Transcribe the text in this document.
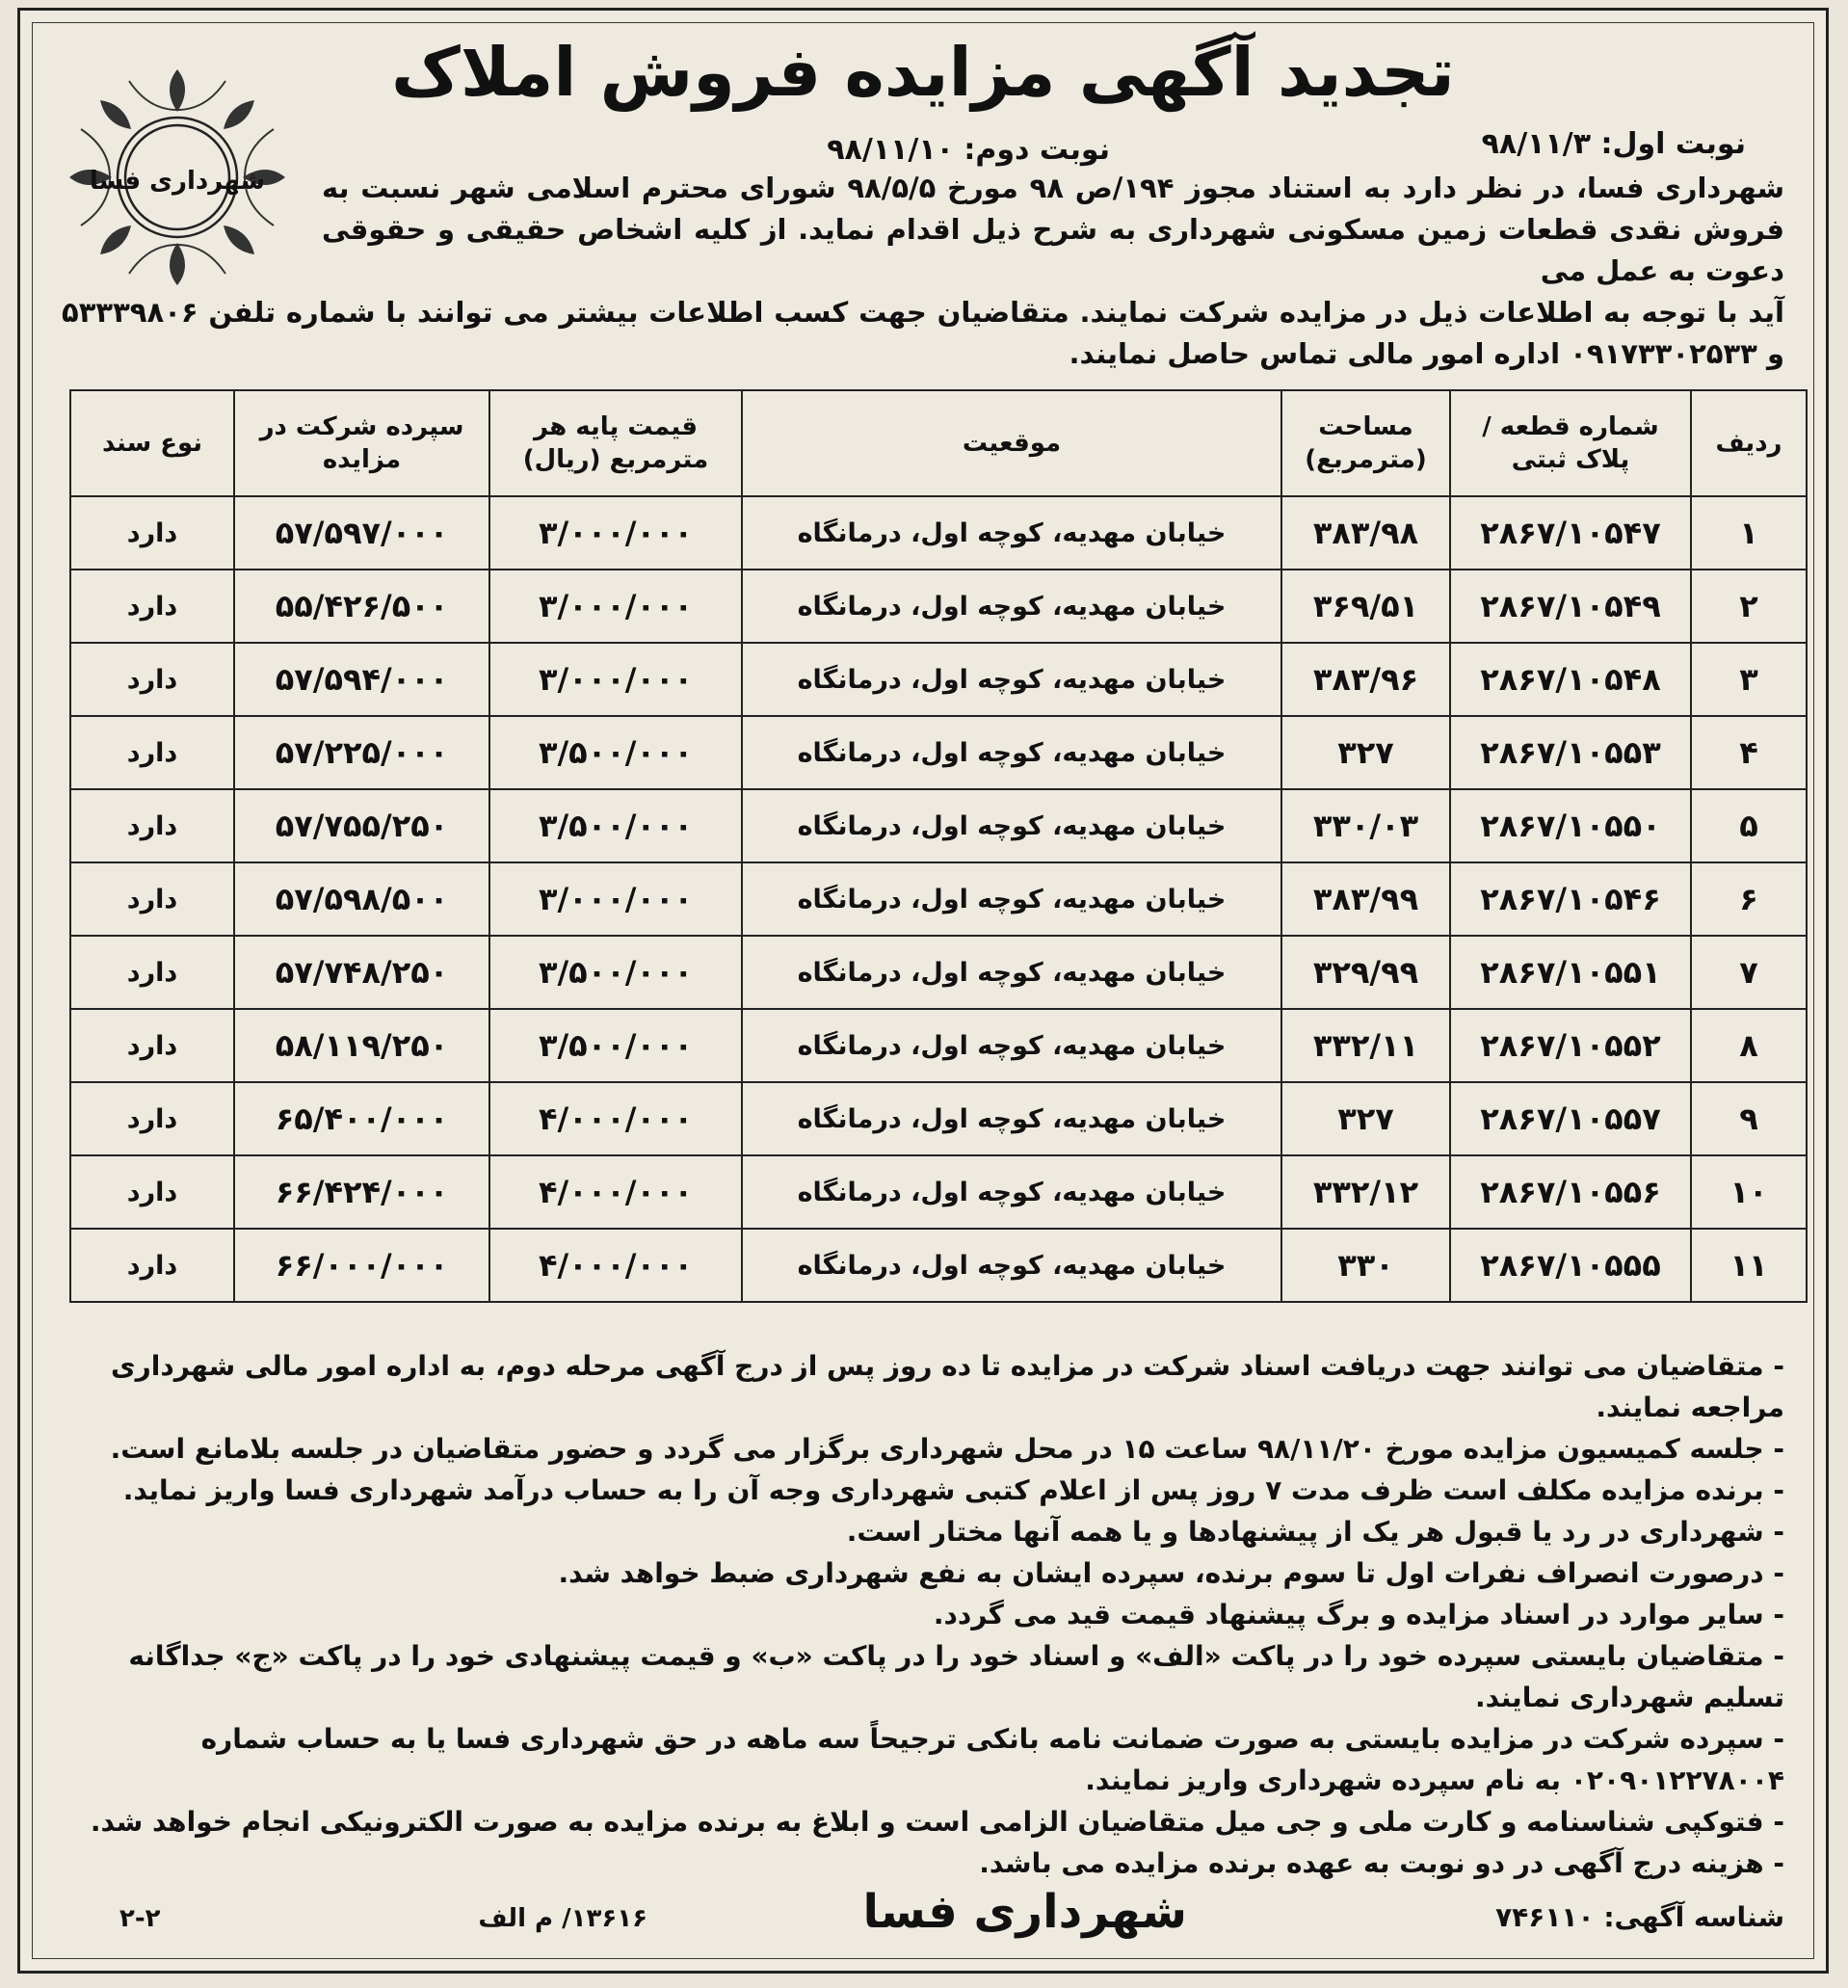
تجدید آگهی مزایده فروش املاک
شهرداری فسا
نوبت اول: ۹۸/۱۱/۳
نوبت دوم: ۹۸/۱۱/۱۰
شهرداری فسا، در نظر دارد به استناد مجوز ۱۹۴/ص ۹۸ مورخ ۹۸/۵/۵ شورای محترم اسلامی شهر نسبت به فروش نقدی قطعات زمین مسکونی شهرداری به شرح ذیل اقدام نماید. از کلیه اشخاص حقیقی و حقوقی دعوت به عمل می
آید با توجه به اطلاعات ذیل در مزایده شرکت نمایند. متقاضیان جهت کسب اطلاعات بیشتر می توانند با شماره تلفن ۵۳۳۳۹۸۰۶ و ۰۹۱۷۳۳۰۲۵۳۳ اداره امور مالی تماس حاصل نمایند.
ردیف	شماره قطعه / پلاک ثبتی	مساحت (مترمربع)	موقعیت	قیمت پایه هر مترمربع (ریال)	سپرده شرکت در مزایده	نوع سند
۱	۲۸۶۷/۱۰۵۴۷	۳۸۳/۹۸	خیابان مهدیه، کوچه اول، درمانگاه	۳/۰۰۰/۰۰۰	۵۷/۵۹۷/۰۰۰	دارد
۲	۲۸۶۷/۱۰۵۴۹	۳۶۹/۵۱	خیابان مهدیه، کوچه اول، درمانگاه	۳/۰۰۰/۰۰۰	۵۵/۴۲۶/۵۰۰	دارد
۳	۲۸۶۷/۱۰۵۴۸	۳۸۳/۹۶	خیابان مهدیه، کوچه اول، درمانگاه	۳/۰۰۰/۰۰۰	۵۷/۵۹۴/۰۰۰	دارد
۴	۲۸۶۷/۱۰۵۵۳	۳۲۷	خیابان مهدیه، کوچه اول، درمانگاه	۳/۵۰۰/۰۰۰	۵۷/۲۲۵/۰۰۰	دارد
۵	۲۸۶۷/۱۰۵۵۰	۳۳۰/۰۳	خیابان مهدیه، کوچه اول، درمانگاه	۳/۵۰۰/۰۰۰	۵۷/۷۵۵/۲۵۰	دارد
۶	۲۸۶۷/۱۰۵۴۶	۳۸۳/۹۹	خیابان مهدیه، کوچه اول، درمانگاه	۳/۰۰۰/۰۰۰	۵۷/۵۹۸/۵۰۰	دارد
۷	۲۸۶۷/۱۰۵۵۱	۳۲۹/۹۹	خیابان مهدیه، کوچه اول، درمانگاه	۳/۵۰۰/۰۰۰	۵۷/۷۴۸/۲۵۰	دارد
۸	۲۸۶۷/۱۰۵۵۲	۳۳۲/۱۱	خیابان مهدیه، کوچه اول، درمانگاه	۳/۵۰۰/۰۰۰	۵۸/۱۱۹/۲۵۰	دارد
۹	۲۸۶۷/۱۰۵۵۷	۳۲۷	خیابان مهدیه، کوچه اول، درمانگاه	۴/۰۰۰/۰۰۰	۶۵/۴۰۰/۰۰۰	دارد
۱۰	۲۸۶۷/۱۰۵۵۶	۳۳۲/۱۲	خیابان مهدیه، کوچه اول، درمانگاه	۴/۰۰۰/۰۰۰	۶۶/۴۲۴/۰۰۰	دارد
۱۱	۲۸۶۷/۱۰۵۵۵	۳۳۰	خیابان مهدیه، کوچه اول، درمانگاه	۴/۰۰۰/۰۰۰	۶۶/۰۰۰/۰۰۰	دارد

- متقاضیان می توانند جهت دریافت اسناد شرکت در مزایده تا ده روز پس از درج آگهی مرحله دوم، به اداره امور مالی شهرداری مراجعه نمایند.

- جلسه کمیسیون مزایده مورخ ۹۸/۱۱/۲۰ ساعت ۱۵ در محل شهرداری برگزار می گردد و حضور متقاضیان در جلسه بلامانع است.

- برنده مزایده مکلف است ظرف مدت ۷ روز پس از اعلام کتبی شهرداری وجه آن را به حساب درآمد شهرداری فسا واریز نماید.

- شهرداری در رد یا قبول هر یک از پیشنهادها و یا همه آنها مختار است.

- درصورت انصراف نفرات اول تا سوم برنده، سپرده ایشان به نفع شهرداری ضبط خواهد شد.

- سایر موارد در اسناد مزایده و برگ پیشنهاد قیمت قید می گردد.

- متقاضیان بایستی سپرده خود را در پاکت «الف» و اسناد خود را در پاکت «ب» و قیمت پیشنهادی خود را در پاکت «ج» جداگانه تسلیم شهرداری نمایند.

- سپرده شرکت در مزایده بایستی به صورت ضمانت نامه بانکی ترجیحاً سه ماهه در حق شهرداری فسا یا به حساب شماره ۰۲۰۹۰۱۲۲۷۸۰۰۴ به نام سپرده شهرداری واریز نمایند.

- فتوکپی شناسنامه و کارت ملی و جی میل متقاضیان الزامی است و ابلاغ به برنده مزایده به صورت الکترونیکی انجام خواهد شد.

- هزینه درج آگهی در دو نوبت به عهده برنده مزایده می باشد.

شناسه آگهی: ۷۴۶۱۱۰
شهرداری فسا
۱۳۶۱۶/ م الف
۲-۲
